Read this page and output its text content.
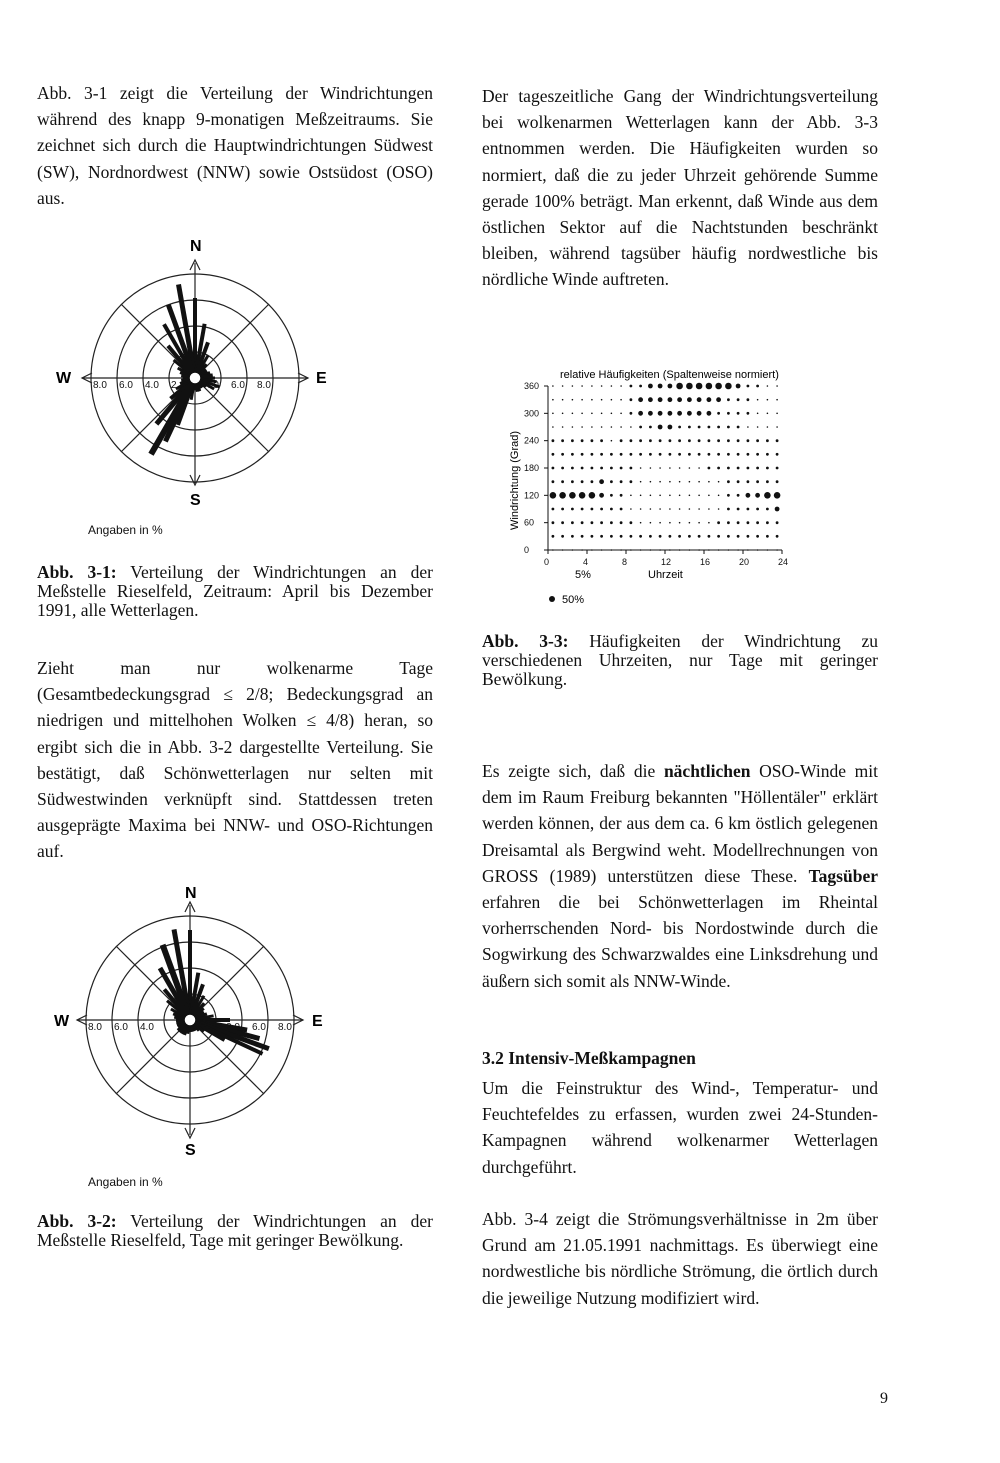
Abb. 3-1 zeigt die Verteilung der Windrichtungen während des knapp 9-monatigen Meßzeitraums. Sie zeichnet sich durch die Hauptwindrichtungen Südwest (SW), Nordnordwest (NNW) sowie Ostsüdost (OSO) aus.

N
S
W	E
8.0 6.0 4.0 2.	4.0 6.0 8.0
Angaben in %

Abb. 3-1: Verteilung der Windrichtungen an der Meßstelle Rieselfeld, Zeitraum: April bis Dezember 1991, alle Wetterlagen.

Zieht man nur wolkenarme Tage (Gesamtbedeckungsgrad ≤ 2/8; Bedeckungsgrad an niedrigen und mittelhohen Wolken ≤ 4/8) heran, so ergibt sich die in Abb. 3-2 dargestellte Verteilung. Sie bestätigt, daß Schönwetterlagen nur selten mit Südwestwinden verknüpft sind. Stattdessen treten ausgeprägte Maxima bei NNW- und OSO-Richtungen auf.

N
S
W	E
8.0 6.0 4.0	2.0 6.0 8.0
Angaben in %

Abb. 3-2: Verteilung der Windrichtungen an der Meßstelle Rieselfeld, Tage mit geringer Bewölkung.

Der tageszeitliche Gang der Windrichtungsverteilung bei wolkenarmen Wetterlagen kann der Abb. 3-3 entnommen werden. Die Häufigkeiten wurden so normiert, daß die zu jeder Uhrzeit gehörende Summe gerade 100% beträgt. Man erkennt, daß Winde aus dem östlichen Sektor auf die Nachtstunden beschränkt bleiben, während tagsüber häufig nordwestliche bis nördliche Winde auftreten.

relative Häufigkeiten (Spaltenweise normiert)
0
60
120
180
240
300
360
0	4	8	12	16	20	24
Windrichtung (Grad)
Uhrzeit
5%
50%

Abb. 3-3: Häufigkeiten der Windrichtung zu verschiedenen Uhrzeiten, nur Tage mit geringer Bewölkung.

Es zeigte sich, daß die nächtlichen OSO-Winde mit dem im Raum Freiburg bekannten "Höllentäler" erklärt werden können, der aus dem ca. 6 km östlich gelegenen Dreisamtal als Bergwind weht. Modellrechnungen von GROSS (1989) unterstützen diese These. Tagsüber erfahren die bei Schönwetterlagen im Rheintal vorherrschenden Nord- bis Nordostwinde durch die Sogwirkung des Schwarzwaldes eine Linksdrehung und äußern sich somit als NNW-Winde.

3.2 Intensiv-Meßkampagnen

Um die Feinstruktur des Wind-, Temperatur- und Feuchtefeldes zu erfassen, wurden zwei 24-Stunden-Kampagnen während wolkenarmer Wetterlagen durchgeführt.

Abb. 3-4 zeigt die Strömungsverhältnisse in 2m über Grund am 21.05.1991 nachmittags. Es überwiegt eine nordwestliche bis nördliche Strömung, die örtlich durch die jeweilige Nutzung modifiziert wird.

9
